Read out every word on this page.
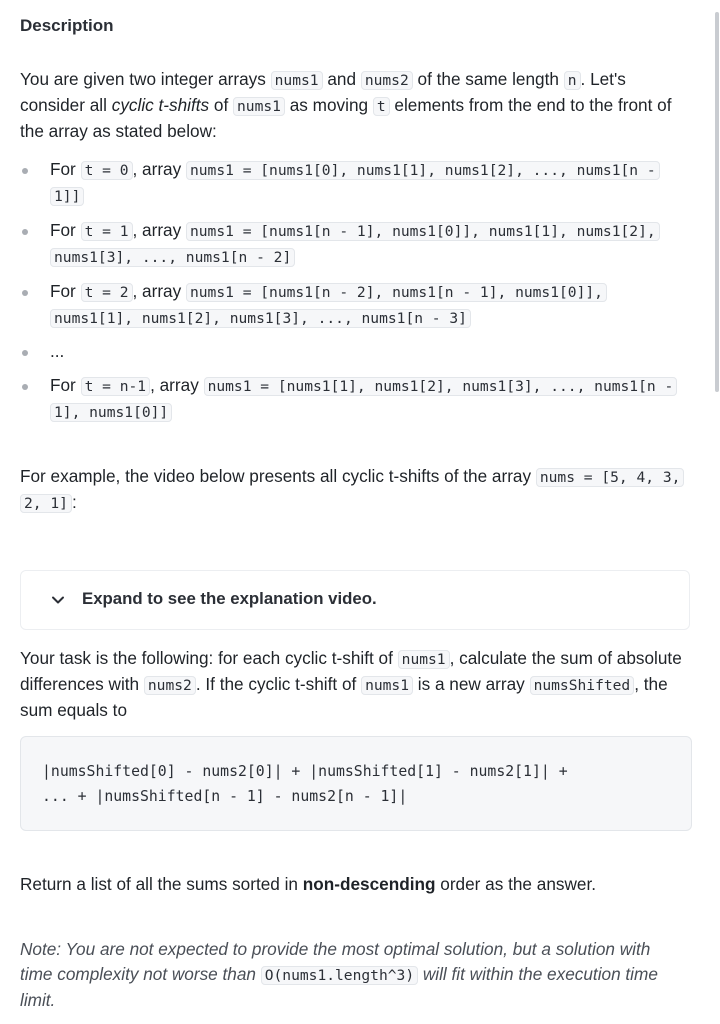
Description

You are given two integer arrays nums1 and nums2 of the same length n . Let's consider all cyclic t-shifts of nums1 as moving t elements from the end to the front of the array as stated below:

For t = 0 , array nums1 = [nums1[0], nums1[1], nums1[2], ..., nums1[n - 1]]
For t = 1 , array nums1 = [nums1[n - 1], nums1[0]], nums1[1], nums1[2], nums1[3], ..., nums1[n - 2]
For t = 2 , array nums1 = [nums1[n - 2], nums1[n - 1], nums1[0]], nums1[1], nums1[2], nums1[3], ..., nums1[n - 3]
...
For t = n-1 , array nums1 = [nums1[1], nums1[2], nums1[3], ..., nums1[n - 1], nums1[0]]

For example, the video below presents all cyclic t-shifts of the array nums = [5, 4, 3, 2, 1] :

Expand to see the explanation video.

Your task is the following: for each cyclic t-shift of nums1 , calculate the sum of absolute differences with nums2 . If the cyclic t-shift of nums1 is a new array numsShifted , the sum equals to

|numsShifted[0] - nums2[0]| + |numsShifted[1] - nums2[1]| +
... + |numsShifted[n - 1] - nums2[n - 1]|

Return a list of all the sums sorted in non-descending order as the answer.

Note: You are not expected to provide the most optimal solution, but a solution with time complexity not worse than O(nums1.length^3) will fit within the execution time limit.
